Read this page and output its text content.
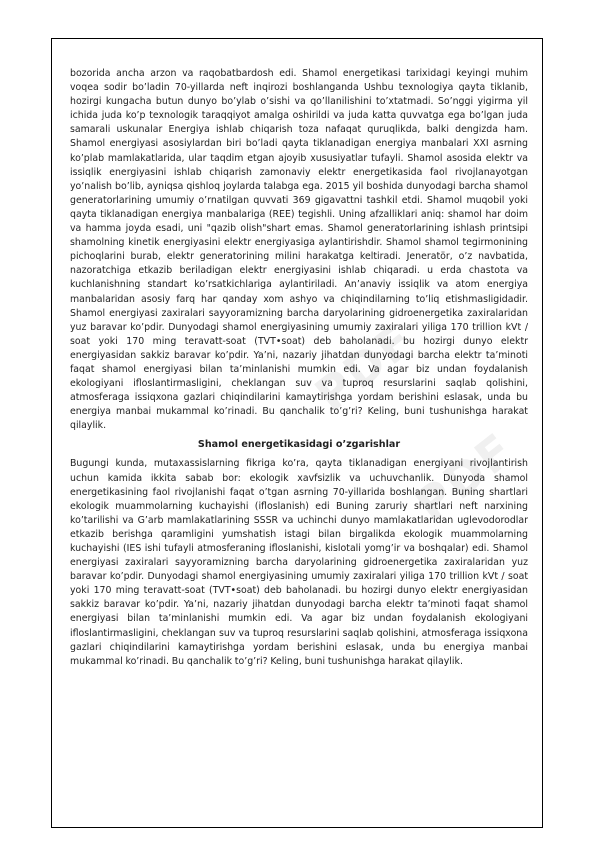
PDF
PDF

bozorida ancha arzon va raqobatbardosh edi. Shamol energetikasi tarixidagi keyingi muhim voqea sodir bo’ladin 70-yillarda neft inqirozi boshlanganda Ushbu texnologiya qayta tiklanib, hozirgi kungacha butun dunyo bo’ylab o’sishi va qo’llanilishini to’xtatmadi. So’nggi yigirma yil ichida juda ko’p texnologik taraqqiyot amalga oshirildi va juda katta quvvatga ega bo’lgan juda samarali uskunalar Energiya ishlab chiqarish toza nafaqat quruqlikda, balki dengizda ham. Shamol energiyasi asosiylardan biri bo’ladi qayta tiklanadigan energiya manbalari XXI asrning ko’plab mamlakatlarida, ular taqdim etgan ajoyib xususiyatlar tufayli. Shamol asosida elektr va issiqlik energiyasini ishlab chiqarish zamonaviy elektr energetikasida faol rivojlanayotgan yo’nalish bo’lib, ayniqsa qishloq joylarda talabga ega. 2015 yil boshida dunyodagi barcha shamol generatorlarining umumiy o’rnatilgan quvvati 369 gigavattni tashkil etdi. Shamol muqobil yoki qayta tiklanadigan energiya manbalariga (REE) tegishli. Uning afzalliklari aniq: shamol har doim va hamma joyda esadi, uni "qazib olish"shart emas. Shamol generatorlarining ishlash printsipi shamolning kinetik energiyasini elektr energiyasiga aylantirishdir. Shamol shamol tegirmonining pichoqlarini burab, elektr generatorining milini harakatga keltiradi. Jeneratör, o’z navbatida, nazoratchiga etkazib beriladigan elektr energiyasini ishlab chiqaradi. u erda chastota va kuchlanishning standart ko’rsatkichlariga aylantiriladi. An’anaviy issiqlik va atom energiya manbalaridan asosiy farq har qanday xom ashyo va chiqindilarning to’liq etishmasligidadir. Shamol energiyasi zaxiralari sayyoramizning barcha daryolarining gidroenergetika zaxiralaridan yuz baravar ko’pdir. Dunyodagi shamol energiyasining umumiy zaxiralari yiliga 170 trillion kVt / soat yoki 170 ming teravatt-soat (TVT•soat) deb baholanadi. bu hozirgi dunyo elektr energiyasidan sakkiz baravar ko’pdir. Ya’ni, nazariy jihatdan dunyodagi barcha elektr ta’minoti faqat shamol energiyasi bilan ta’minlanishi mumkin edi. Va agar biz undan foydalanish ekologiyani ifloslantirmasligini, cheklangan suv va tuproq resurslarini saqlab qolishini, atmosferaga issiqxona gazlari chiqindilarini kamaytirishga yordam berishini eslasak, unda bu energiya manbai mukammal ko’rinadi. Bu qanchalik to’g’ri? Keling, buni tushunishga harakat qilaylik.

Shamol energetikasidagi o’zgarishlar

Bugungi kunda, mutaxassislarning fikriga ko’ra, qayta tiklanadigan energiyani rivojlantirish uchun kamida ikkita sabab bor: ekologik xavfsizlik va uchuvchanlik. Dunyoda shamol energetikasining faol rivojlanishi faqat o’tgan asrning 70-yillarida boshlangan. Buning shartlari ekologik muammolarning kuchayishi (ifloslanish) edi Buning zaruriy shartlari neft narxining ko’tarilishi va G’arb mamlakatlarining SSSR va uchinchi dunyo mamlakatlaridan uglevodorodlar etkazib berishga qaramligini yumshatish istagi bilan birgalikda ekologik muammolarning kuchayishi (IES ishi tufayli atmosferaning ifloslanishi, kislotali yomg’ir va boshqalar) edi. Shamol energiyasi zaxiralari sayyoramizning barcha daryolarining gidroenergetika zaxiralaridan yuz baravar ko’pdir. Dunyodagi shamol energiyasining umumiy zaxiralari yiliga 170 trillion kVt / soat yoki 170 ming teravatt-soat (TVT•soat) deb baholanadi. bu hozirgi dunyo elektr energiyasidan sakkiz baravar ko’pdir. Ya’ni, nazariy jihatdan dunyodagi barcha elektr ta’minoti faqat shamol energiyasi bilan ta’minlanishi mumkin edi. Va agar biz undan foydalanish ekologiyani ifloslantirmasligini, cheklangan suv va tuproq resurslarini saqlab qolishini, atmosferaga issiqxona gazlari chiqindilarini kamaytirishga yordam berishini eslasak, unda bu energiya manbai mukammal ko’rinadi. Bu qanchalik to’g’ri? Keling, buni tushunishga harakat qilaylik.
